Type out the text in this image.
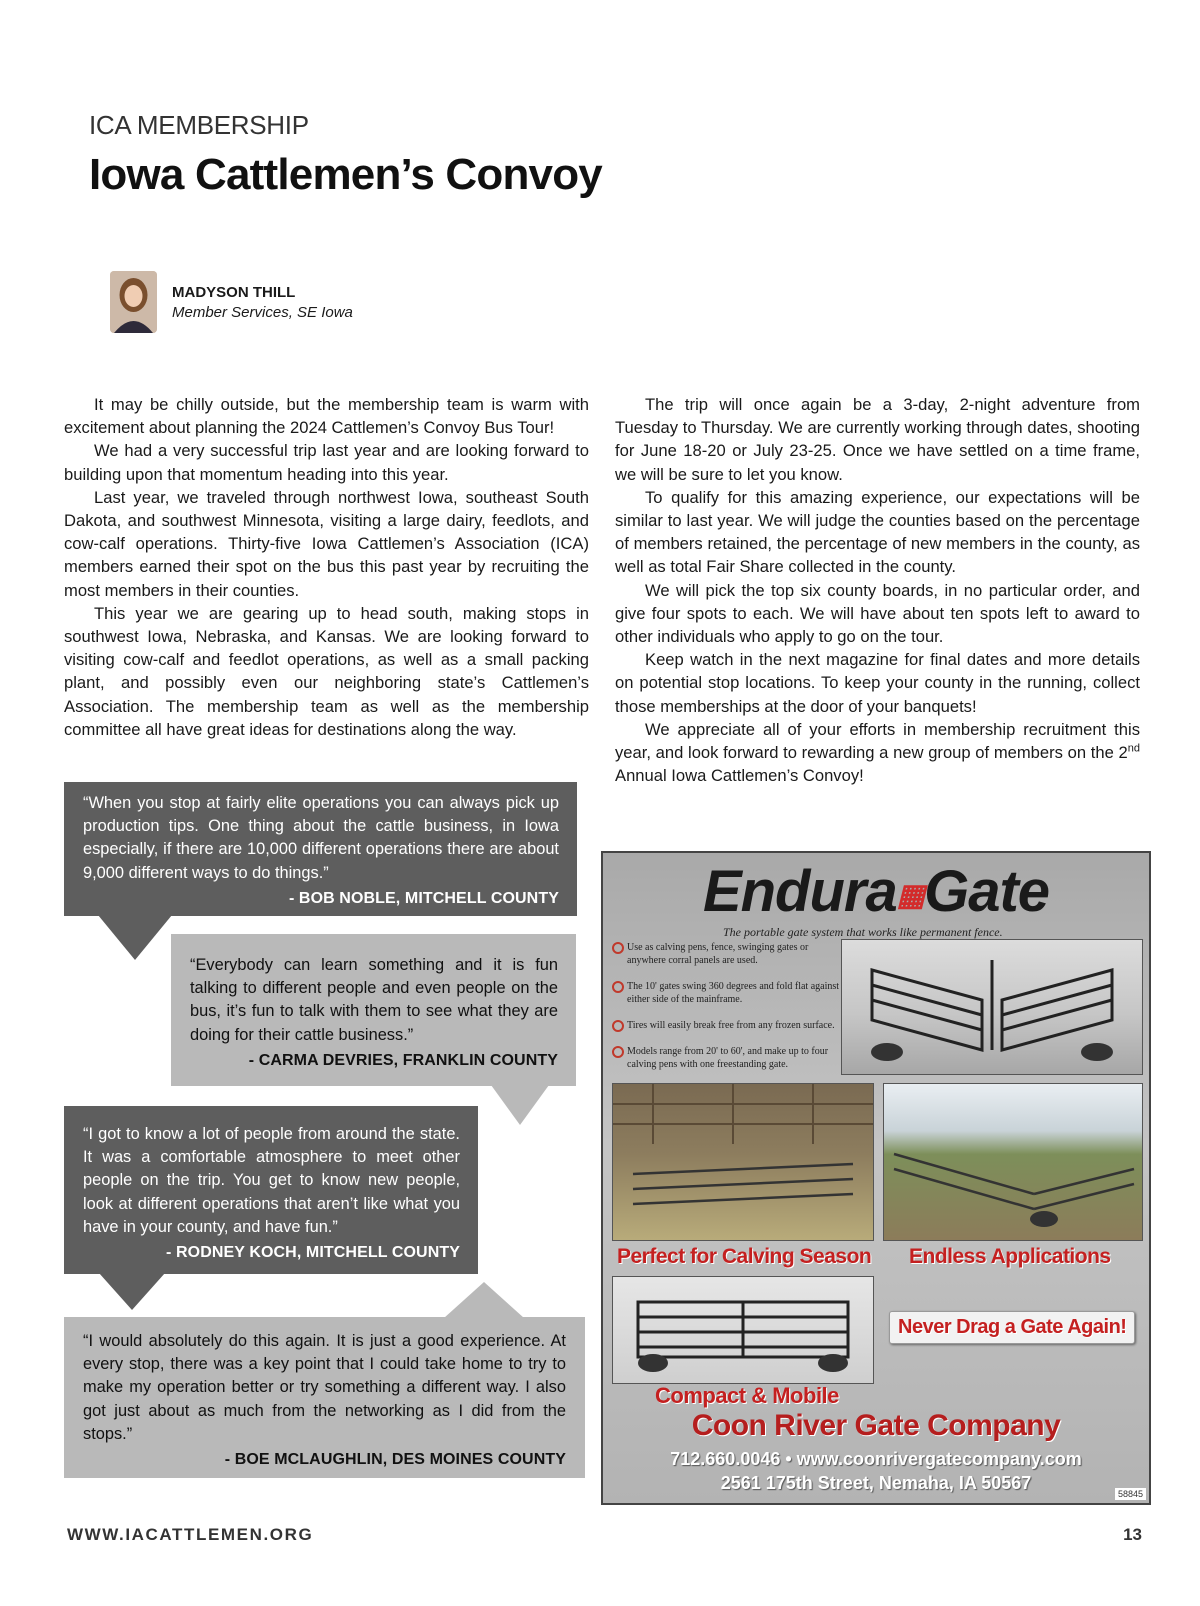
ICA MEMBERSHIP
Iowa Cattlemen’s Convoy
MADYSON THILL
Member Services, SE Iowa

It may be chilly outside, but the membership team is warm with excitement about planning the 2024 Cattlemen’s Convoy Bus Tour!

We had a very successful trip last year and are looking forward to building upon that momentum heading into this year.

Last year, we traveled through northwest Iowa, southeast South Dakota, and southwest Minnesota, visiting a large dairy, feedlots, and cow-calf operations. Thirty-five Iowa Cattlemen’s Association (ICA) members earned their spot on the bus this past year by recruiting the most members in their counties.

This year we are gearing up to head south, making stops in southwest Iowa, Nebraska, and Kansas. We are looking forward to visiting cow-calf and feedlot operations, as well as a small packing plant, and possibly even our neighboring state’s Cattlemen’s Association. The membership team as well as the membership committee all have great ideas for destinations along the way.

The trip will once again be a 3-day, 2-night adventure from Tuesday to Thursday. We are currently working through dates, shooting for June 18-20 or July 23-25. Once we have settled on a time frame, we will be sure to let you know.

To qualify for this amazing experience, our expectations will be similar to last year. We will judge the counties based on the percentage of members retained, the percentage of new members in the county, as well as total Fair Share collected in the county.

We will pick the top six county boards, in no particular order, and give four spots to each. We will have about ten spots left to award to other individuals who apply to go on the tour.

Keep watch in the next magazine for final dates and more details on potential stop locations. To keep your county in the running, collect those memberships at the door of your banquets!

We appreciate all of your efforts in membership recruitment this year, and look forward to rewarding a new group of members on the 2nd Annual Iowa Cattlemen’s Convoy!

“When you stop at fairly elite operations you can always pick up production tips. One thing about the cattle business, in Iowa especially, if there are 10,000 different operations there are about 9,000 different ways to do things.”
- BOB NOBLE, MITCHELL COUNTY
“Everybody can learn something and it is fun talking to different people and even people on the bus, it’s fun to talk with them to see what they are doing for their cattle business.”
- CARMA DEVRIES, FRANKLIN COUNTY
“I got to know a lot of people from around the state. It was a comfortable atmosphere to meet other people on the trip. You get to know new people, look at different operations that aren’t like what you have in your county, and have fun.”
- RODNEY KOCH, MITCHELL COUNTY
“I would absolutely do this again. It is just a good experience. At every stop, there was a key point that I could take home to try to make my operation better or try something a different way. I also got just about as much from the networking as I did from the stops.”
- BOE MCLAUGHLIN, DES MOINES COUNTY
Endura▦Gate
The portable gate system that works like permanent fence.
Use as calving pens, fence, swinging gates or anywhere corral panels are used.
The 10' gates swing 360 degrees and fold flat against either side of the mainframe.
Tires will easily break free from any frozen surface.
Models range from 20' to 60', and make up to four calving pens with one freestanding gate.
Perfect for Calving Season Endless Applications
Never Drag a Gate Again!
Compact & Mobile
Coon River Gate Company
712.660.0046 • www.coonrivergatecompany.com
2561 175th Street, Nemaha, IA 50567
58845
WWW.IACATTLEMEN.ORG	13
